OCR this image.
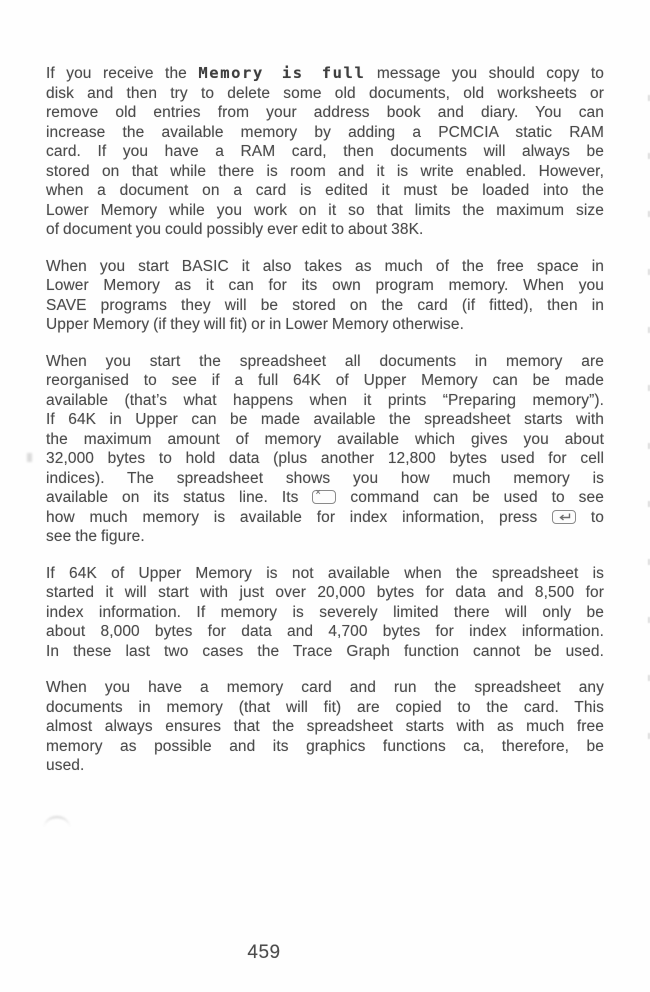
If you receive the Memory is full message you should copy to
disk and then try to delete some old documents, old worksheets or
remove old entries from your address book and diary. You can
increase the available memory by adding a PCMCIA static RAM
card. If you have a RAM card, then documents will always be
stored on that while there is room and it is write enabled. However,
when a document on a card is edited it must be loaded into the
Lower Memory while you work on it so that limits the maximum size
of document you could possibly ever edit to about 38K.
When you start BASIC it also takes as much of the free space in
Lower Memory as it can for its own program memory. When you
SAVE programs they will be stored on the card (if fitted), then in
Upper Memory (if they will fit) or in Lower Memory otherwise.
When you start the spreadsheet all documents in memory are
reorganised to see if a full 64K of Upper Memory can be made
available (that’s what happens when it prints “Preparing memory”).
If 64K in Upper can be made available the spreadsheet starts with
the maximum amount of memory available which gives you about
32,000 bytes to hold data (plus another 12,800 bytes used for cell
indices). The spreadsheet shows you how much memory is
available on its status line. Its × command can be used to see
how much memory is available for index information, press	to
see the figure.
If 64K of Upper Memory is not available when the spreadsheet is
started it will start with just over 20,000 bytes for data and 8,500 for
index information. If memory is severely limited there will only be
about 8,000 bytes for data and 4,700 bytes for index information.
In these last two cases the Trace Graph function cannot be used.
When you have a memory card and run the spreadsheet any
documents in memory (that will fit) are copied to the card. This
almost always ensures that the spreadsheet starts with as much free
memory as possible and its graphics functions ca, therefore, be
used.
459
